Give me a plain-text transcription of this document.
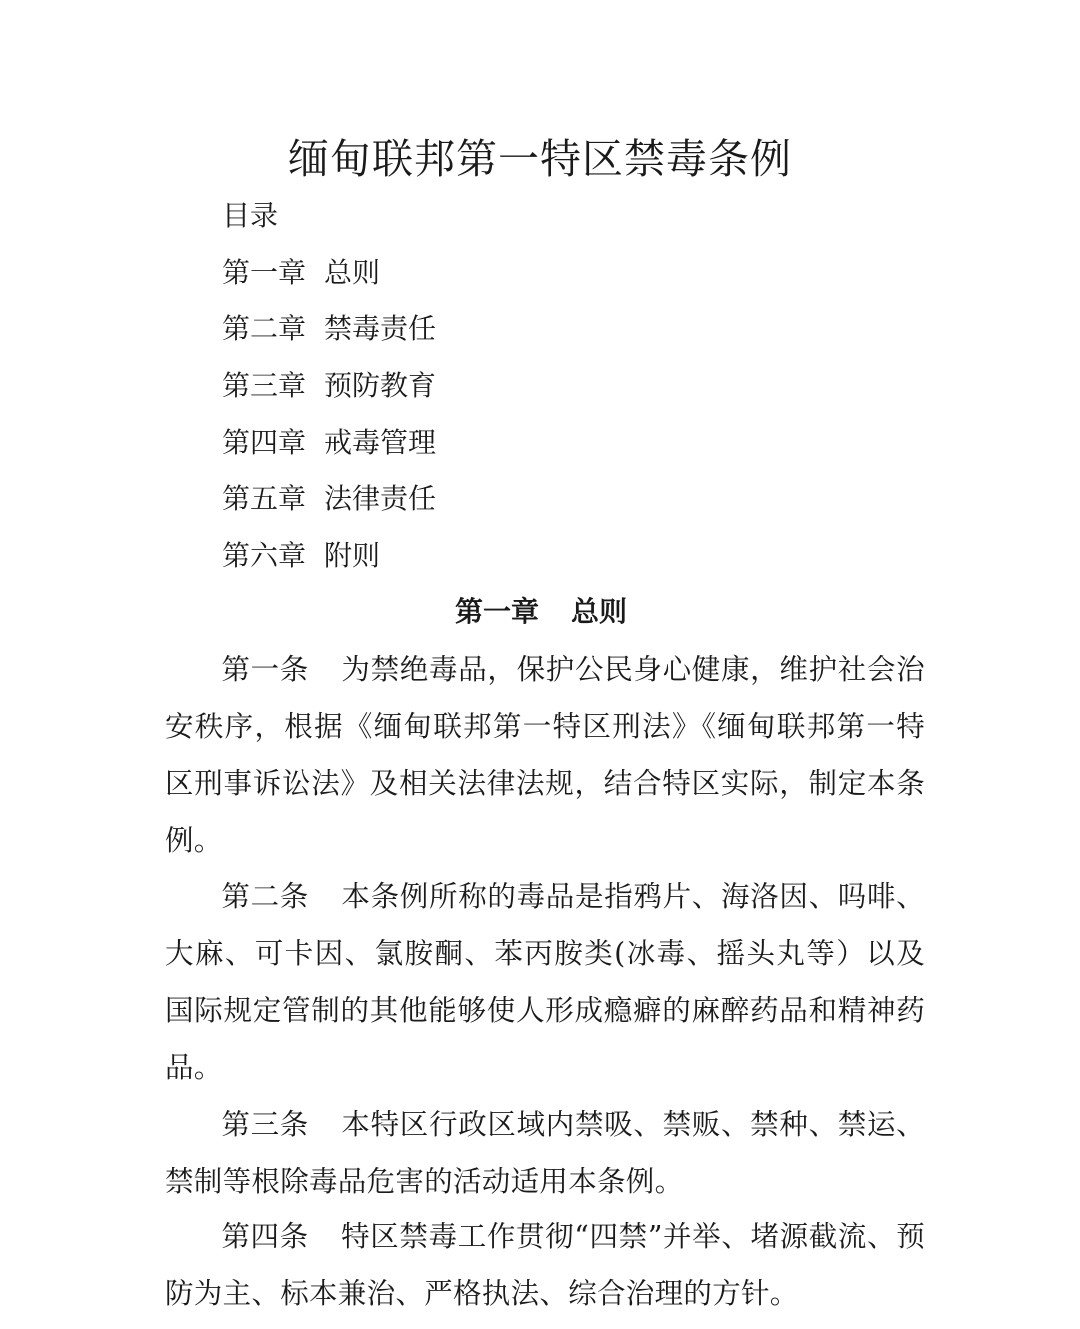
缅甸联邦第一特区禁毒条例
目录
第一章 总则
第二章 禁毒责任
第三章 预防教育
第四章 戒毒管理
第五章 法律责任
第六章 附则
第一章 总则
第一条 为禁绝毒品，保护公民身心健康，维护社会治安秩序，根据《缅甸联邦第一特区刑法》《缅甸联邦第一特区刑事诉讼法》及相关法律法规，结合特区实际，制定本条例。
第二条 本条例所称的毒品是指鸦片、海洛因、吗啡、大麻、可卡因、氯胺酮、苯丙胺类(冰毒、摇头丸等）以及国际规定管制的其他能够使人形成瘾癖的麻醉药品和精神药品。
第三条 本特区行政区域内禁吸、禁贩、禁种、禁运、禁制等根除毒品危害的活动适用本条例。
第四条 特区禁毒工作贯彻“四禁”并举、堵源截流、预防为主、标本兼治、严格执法、综合治理的方针。
